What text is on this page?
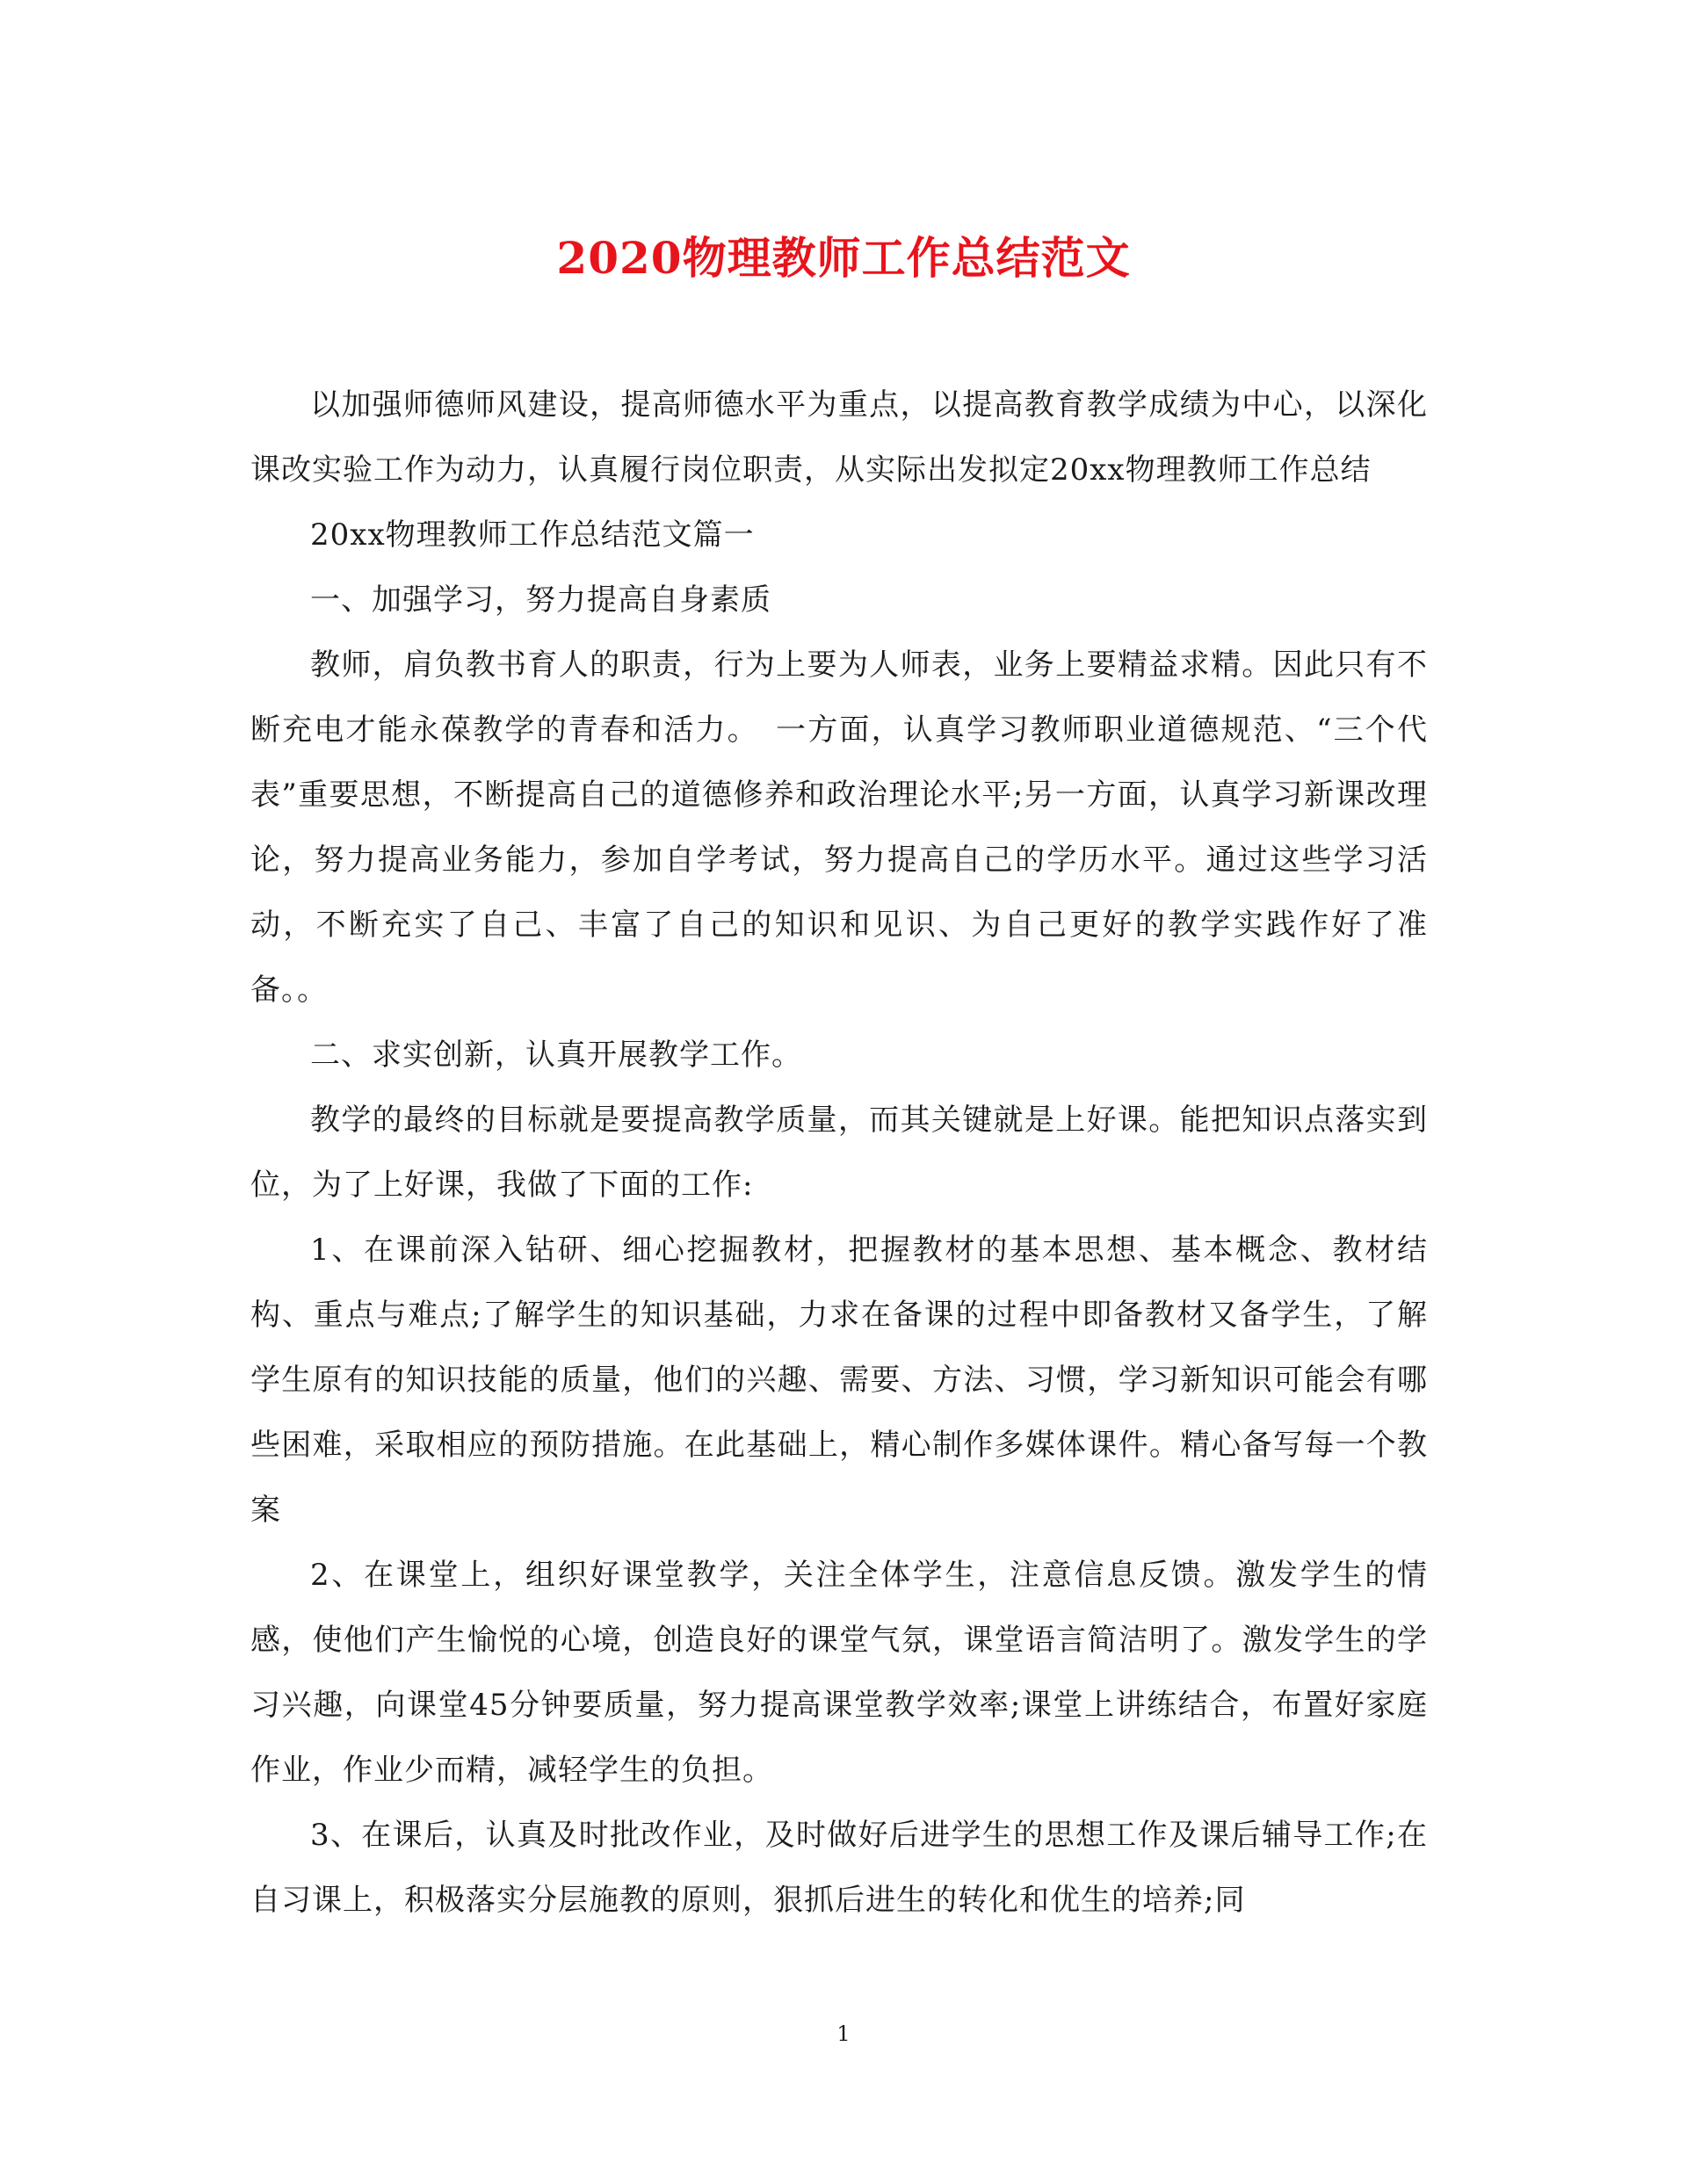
2020物理教师工作总结范文

以加强师德师风建设，提高师德水平为重点，以提高教育教学成绩为中心，以深化课改实验工作为动力，认真履行岗位职责，从实际出发拟定20xx物理教师工作总结

20xx物理教师工作总结范文篇一

一、加强学习，努力提高自身素质

教师，肩负教书育人的职责，行为上要为人师表，业务上要精益求精。因此只有不断充电才能永葆教学的青春和活力。　一方面，认真学习教师职业道德规范、“三个代表”重要思想，不断提高自己的道德修养和政治理论水平;另一方面，认真学习新课改理论，努力提高业务能力，参加自学考试，努力提高自己的学历水平。通过这些学习活动，不断充实了自己、丰富了自己的知识和见识、为自己更好的教学实践作好了准备。。

二、求实创新，认真开展教学工作。

教学的最终的目标就是要提高教学质量，而其关键就是上好课。能把知识点落实到位，为了上好课，我做了下面的工作:

1、在课前深入钻研、细心挖掘教材，把握教材的基本思想、基本概念、教材结构、重点与难点;了解学生的知识基础，力求在备课的过程中即备教材又备学生，了解学生原有的知识技能的质量，他们的兴趣、需要、方法、习惯，学习新知识可能会有哪些困难，采取相应的预防措施。在此基础上，精心制作多媒体课件。精心备写每一个教案

2、在课堂上，组织好课堂教学，关注全体学生，注意信息反馈。激发学生的情感，使他们产生愉悦的心境，创造良好的课堂气氛，课堂语言简洁明了。激发学生的学习兴趣，向课堂45分钟要质量，努力提高课堂教学效率;课堂上讲练结合，布置好家庭作业，作业少而精，减轻学生的负担。

3、在课后，认真及时批改作业，及时做好后进学生的思想工作及课后辅导工作;在自习课上，积极落实分层施教的原则，狠抓后进生的转化和优生的培养;同

1
